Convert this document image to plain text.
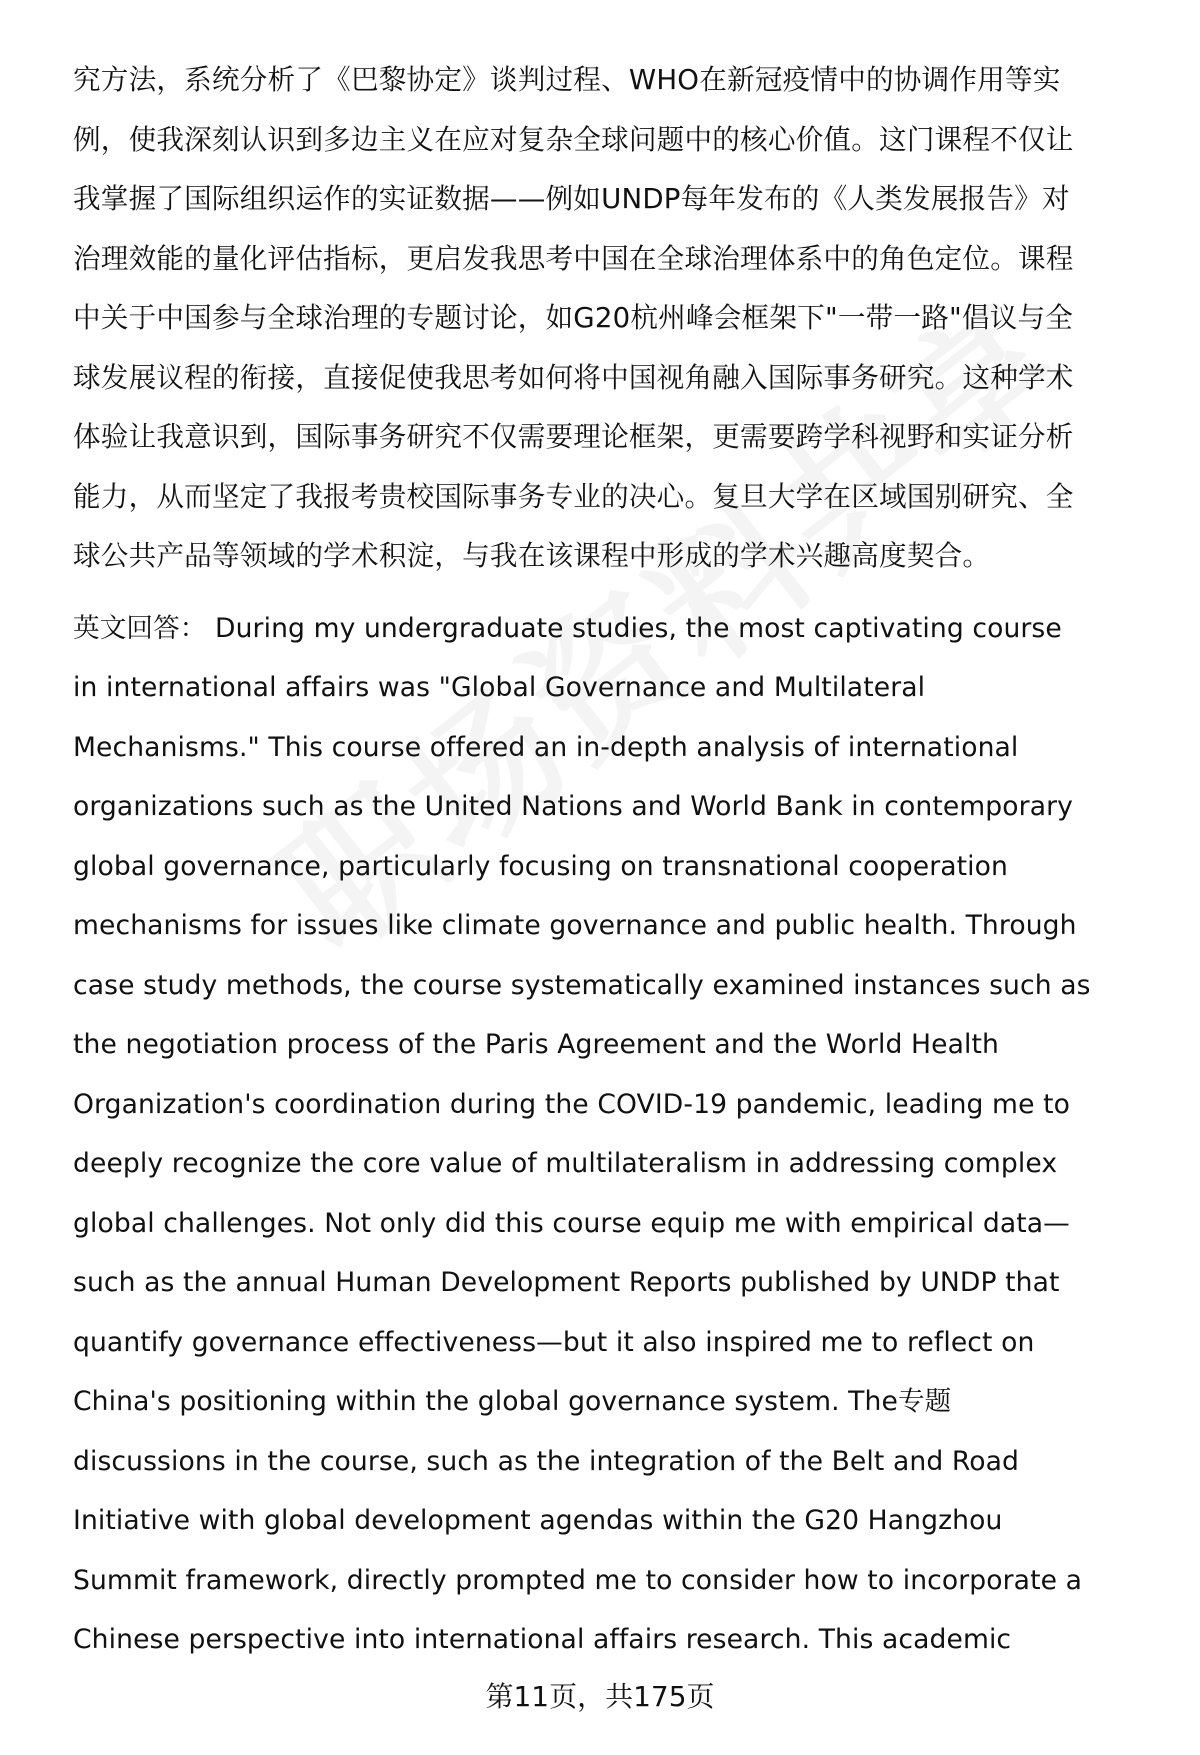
究方法，系统分析了《巴黎协定》谈判过程、WHO在新冠疫情中的协调作用等实
例，使我深刻认识到多边主义在应对复杂全球问题中的核心价值。这门课程不仅让
我掌握了国际组织运作的实证数据——例如UNDP每年发布的《人类发展报告》对
治理效能的量化评估指标，更启发我思考中国在全球治理体系中的角色定位。课程
中关于中国参与全球治理的专题讨论，如G20杭州峰会框架下"一带一路"倡议与全
球发展议程的衔接，直接促使我思考如何将中国视角融入国际事务研究。这种学术
体验让我意识到，国际事务研究不仅需要理论框架，更需要跨学科视野和实证分析
能力，从而坚定了我报考贵校国际事务专业的决心。复旦大学在区域国别研究、全
球公共产品等领域的学术积淀，与我在该课程中形成的学术兴趣高度契合。
英文回答： During my undergraduate studies, the most captivating course
in international affairs was "Global Governance and Multilateral
Mechanisms." This course offered an in-depth analysis of international
organizations such as the United Nations and World Bank in contemporary
global governance, particularly focusing on transnational cooperation
mechanisms for issues like climate governance and public health. Through
case study methods, the course systematically examined instances such as
the negotiation process of the Paris Agreement and the World Health
Organization's coordination during the COVID-19 pandemic, leading me to
deeply recognize the core value of multilateralism in addressing complex
global challenges. Not only did this course equip me with empirical data—
such as the annual Human Development Reports published by UNDP that
quantify governance effectiveness—but it also inspired me to reflect on
China's positioning within the global governance system. The专题
discussions in the course, such as the integration of the Belt and Road
Initiative with global development agendas within the G20 Hangzhou
Summit framework, directly prompted me to consider how to incorporate a
Chinese perspective into international affairs research. This academic
第11页，共175页
